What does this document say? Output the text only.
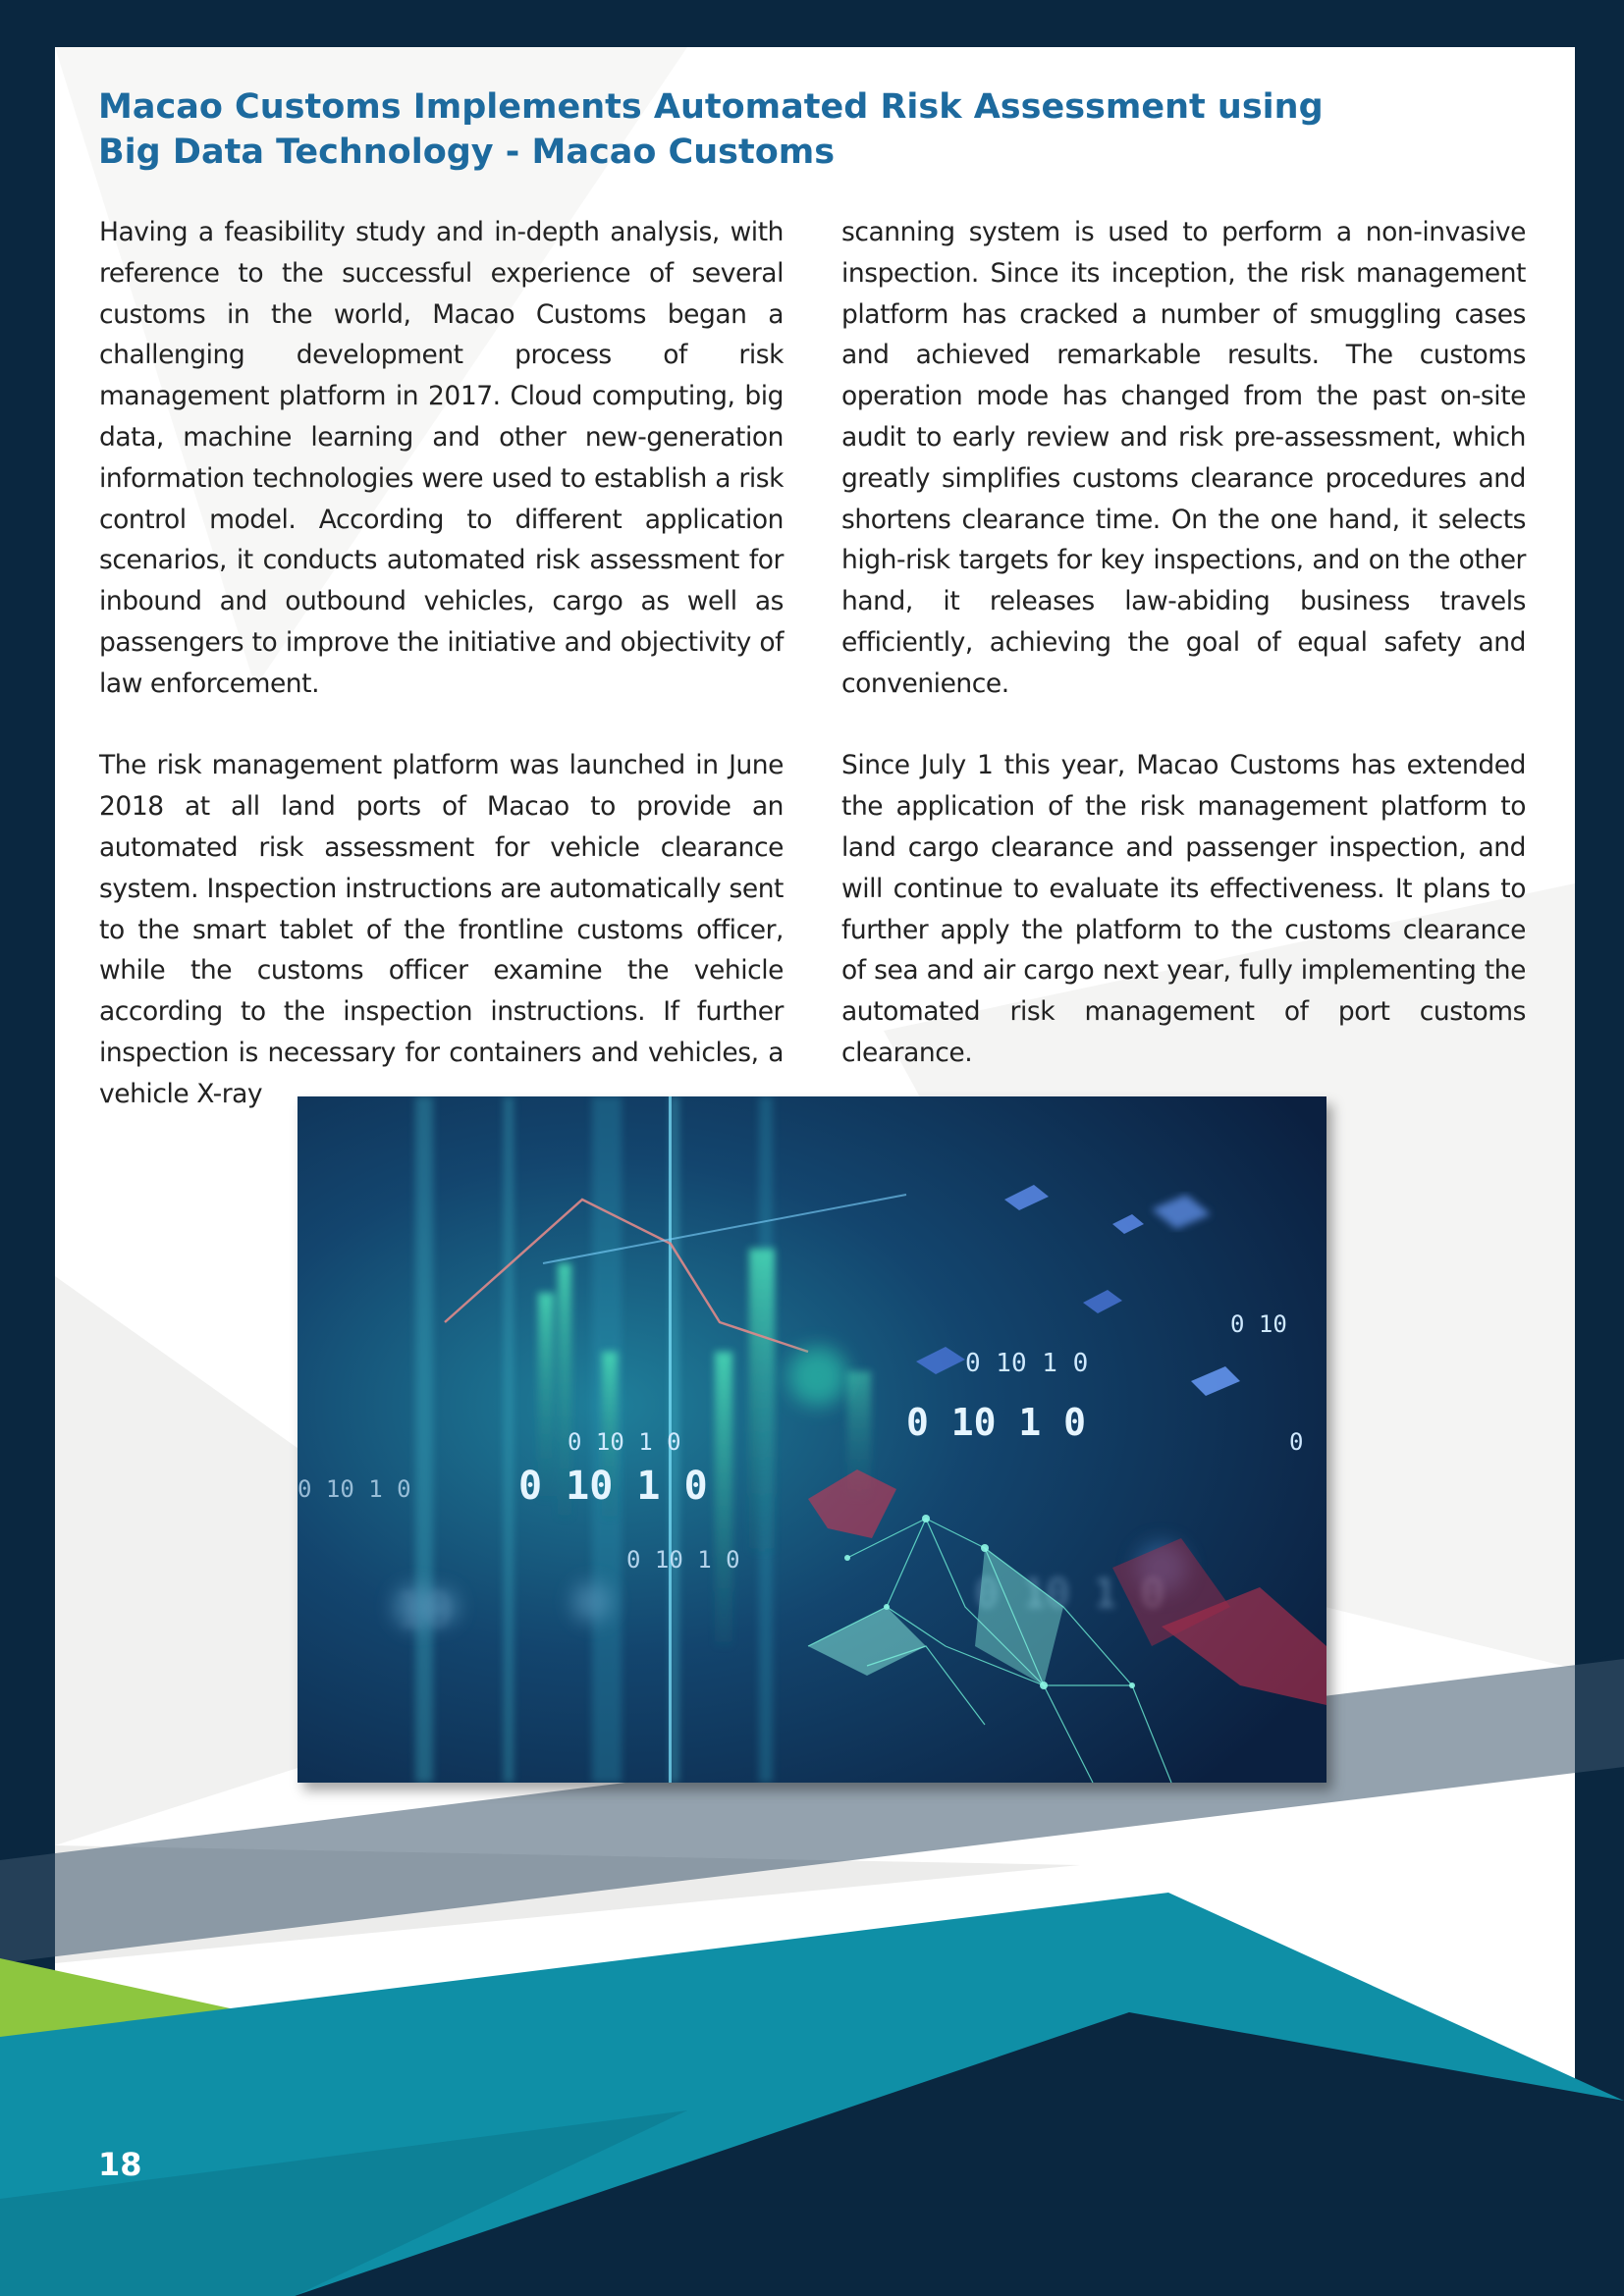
Macao Customs Implements Automated Risk Assessment using
Big Data Technology - Macao Customs

Having a feasibility study and in-depth analysis, with reference to the successful experience of several customs in the world, Macao Customs began a challenging development process of risk management platform in 2017. Cloud computing, big data, machine learning and other new-generation information technologies were used to establish a risk control model. According to different application scenarios, it conducts automated risk assessment for inbound and outbound vehicles, cargo as well as passengers to improve the initiative and objectivity of law enforcement.

The risk management platform was launched in June 2018 at all land ports of Macao to provide an automated risk assessment for vehicle clearance system. Inspection instructions are automatically sent to the smart tablet of the frontline customs officer, while the customs officer examine the vehicle according to the inspection instructions. If further inspection is necessary for containers and vehicles, a vehicle X-ray

scanning system is used to perform a non-invasive inspection. Since its inception, the risk management platform has cracked a number of smuggling cases and achieved remarkable results. The customs operation mode has changed from the past on-site audit to early review and risk pre-assessment, which greatly simplifies customs clearance procedures and shortens clearance time. On the one hand, it selects high-risk targets for key inspections, and on the other hand, it releases law-abiding business travels efficiently, achieving the goal of equal safety and convenience.

Since July 1 this year, Macao Customs has extended the application of the risk management platform to land cargo clearance and passenger inspection, and will continue to evaluate its effectiveness. It plans to further apply the platform to the customs clearance of sea and air cargo next year, fully implementing the automated risk management of port customs clearance.

0 10 1 0	0 10 1 0
0 10 1 0
0 10 1 0
0 10 1 0
0 10 1 0
0 10
0
0 10 1 0
10
18
